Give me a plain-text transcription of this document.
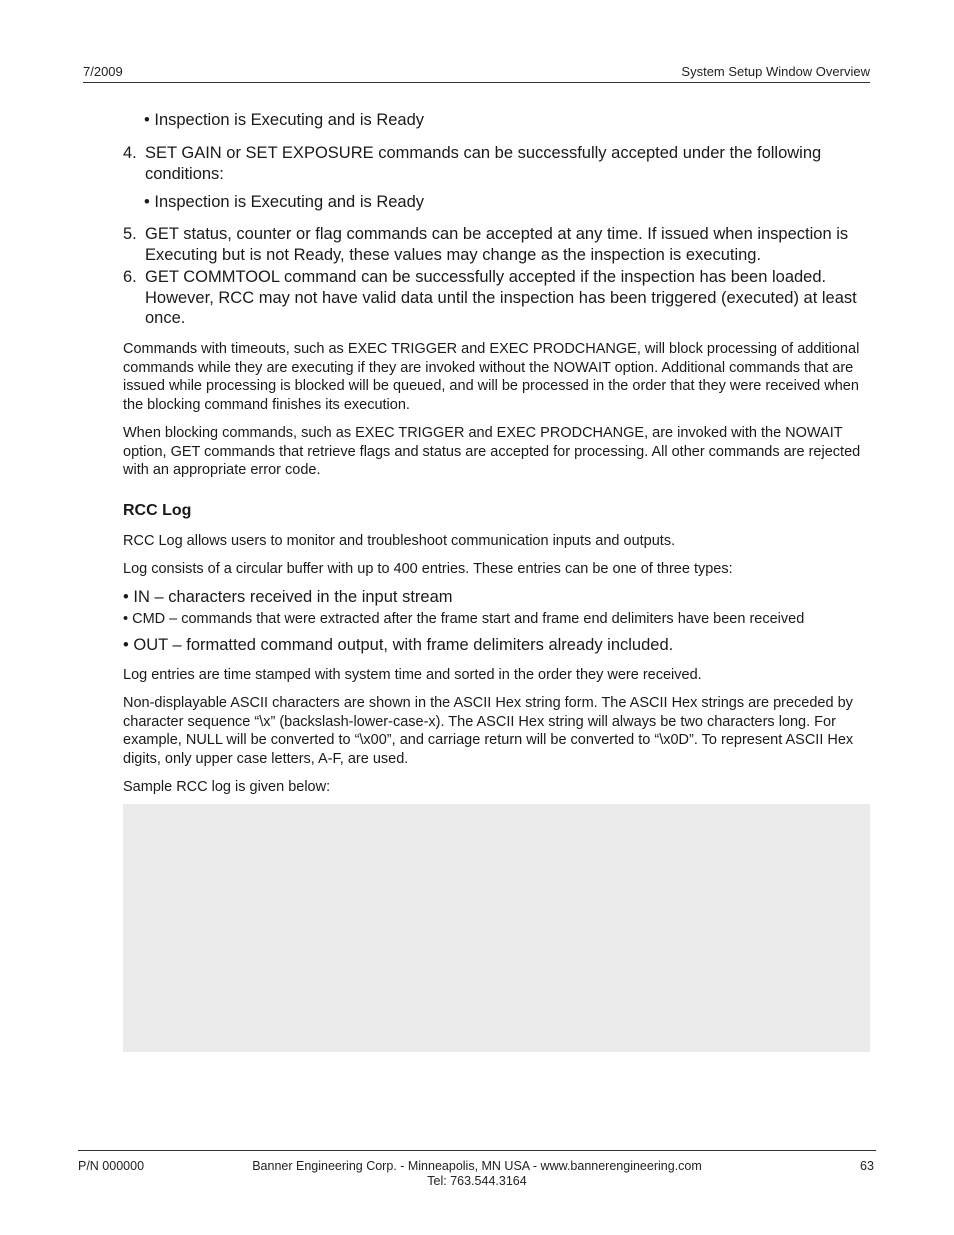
7/2009	System Setup Window Overview
• Inspection is Executing and is Ready
4. SET GAIN or SET EXPOSURE commands can be successfully accepted under the following conditions:
• Inspection is Executing and is Ready
5. GET status, counter or flag commands can be accepted at any time. If issued when inspection is Executing but is not Ready, these values may change as the inspection is executing.
6. GET COMMTOOL command can be successfully accepted if the inspection has been loaded. However, RCC may not have valid data until the inspection has been triggered (executed) at least once.
Commands with timeouts, such as EXEC TRIGGER and EXEC PRODCHANGE, will block processing of additional commands while they are executing if they are invoked without the NOWAIT option. Additional commands that are issued while processing is blocked will be queued, and will be processed in the order that they were received when the blocking command finishes its execution.
When blocking commands, such as EXEC TRIGGER and EXEC PRODCHANGE, are invoked with the NOWAIT option, GET commands that retrieve flags and status are accepted for processing. All other commands are rejected with an appropriate error code.
RCC Log
RCC Log allows users to monitor and troubleshoot communication inputs and outputs.
Log consists of a circular buffer with up to 400 entries. These entries can be one of three types:
• IN – characters received in the input stream
• CMD – commands that were extracted after the frame start and frame end delimiters have been received
• OUT – formatted command output, with frame delimiters already included.
Log entries are time stamped with system time and sorted in the order they were received.
Non-displayable ASCII characters are shown in the ASCII Hex string form. The ASCII Hex strings are preceded by character sequence “\x” (backslash-lower-case-x). The ASCII Hex string will always be two characters long. For example, NULL will be converted to “\x00”, and carriage return will be converted to “\x0D”. To represent ASCII Hex digits, only upper case letters, A-F, are used.
Sample RCC log is given below:
P/N 000000	Banner Engineering Corp. - Minneapolis, MN USA - www.bannerengineering.com
Tel: 763.544.3164
63
